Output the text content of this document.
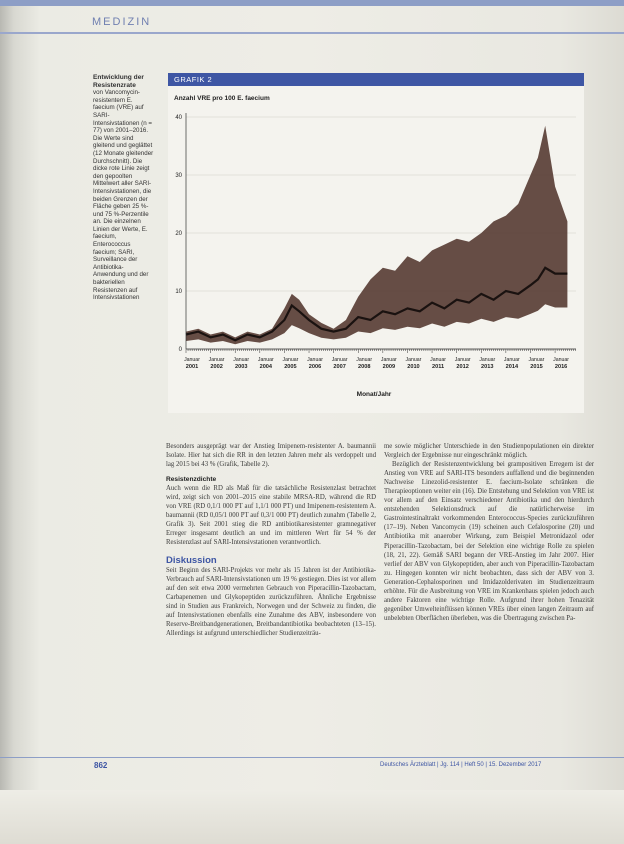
MEDIZIN
Entwicklung der Resistenzrate
von Vancomycin-resistentem E. faecium (VRE) auf SARI-Intensivstationen (n = 77) von 2001–2016. Die Werte sind gleitend und geglättet (12 Monate gleitender Durchschnitt). Die dicke rote Linie zeigt den gepoolten Mittelwert aller SARI-Intensivstationen, die beiden Grenzen der Fläche geben 25 %- und 75 %-Perzentile an. Die einzelnen Linien der Werte, E. faecium, Enterococcus faecium; SARI, Surveillance der Antibiotika-Anwendung und der bakteriellen Resistenzen auf Intensivstationen
GRAFIK 2
Anzahl VRE pro 100 E. faecium
0
10
20
30
40
Januar
2001
Januar
2002
Januar
2003
Januar
2004
Januar
2005
Januar
2006
Januar
2007
Januar
2008
Januar
2009
Januar
2010
Januar
2011
Januar
2012
Januar
2013
Januar
2014
Januar
2015
Januar
2016
Monat/Jahr

Besonders ausgeprägt war der Anstieg Imipenem-resistenter A. baumannii Isolate. Hier hat sich die RR in den letzten Jahren mehr als verdoppelt und lag 2015 bei 43 % (Grafik, Tabelle 2).

Resistenzdichte

Auch wenn die RD als Maß für die tatsächliche Resistenzlast betrachtet wird, zeigt sich von 2001–2015 eine stabile MRSA-RD, während die RD von VRE (RD 0,1/1 000 PT auf 1,1/1 000 PT) und Imipenem-resistentem A. baumannii (RD 0,05/1 000 PT auf 0,3/1 000 PT) deutlich zunahm (Tabelle 2, Grafik 3). Seit 2001 stieg die RD antibiotikaresistenter gramnegativer Erreger insgesamt deutlich an und im mittleren Wert für 54 % der Resistenzlast auf SARI-Intensivstationen verantwortlich.

Diskussion

Seit Beginn des SARI-Projekts vor mehr als 15 Jahren ist der Antibiotika-Verbrauch auf SARI-Intensivstationen um 19 % gestiegen. Dies ist vor allem auf den seit etwa 2000 vermehrten Gebrauch von Piperacillin-Tazobactam, Carbapenemen und Glykopeptiden zurückzuführen. Ähnliche Ergebnisse sind in Studien aus Frankreich, Norwegen und der Schweiz zu finden, die auf Intensivstationen ebenfalls eine Zunahme des ABV, insbesondere von Reserve-Breitbandgenerationen, Breitbandantibiotika beobachteten (13–15). Allerdings ist aufgrund unterschiedlicher Studienzeiträu-

me sowie möglicher Unterschiede in den Studienpopulationen ein direkter Vergleich der Ergebnisse nur eingeschränkt möglich.

Bezüglich der Resistenzentwicklung bei grampositiven Erregern ist der Anstieg von VRE auf SARI-ITS besonders auffallend und die beginnenden Nachweise Linezolid-resistenter E. faecium-Isolate schränken die Therapieoptionen weiter ein (16). Die Entstehung und Selektion von VRE ist vor allem auf den Einsatz verschiedener Antibiotika und den hierdurch entstehenden Selektionsdruck auf die natürlicherweise im Gastrointestinaltrakt vorkommenden Enterococcus-Species zurückzuführen (17–19). Neben Vancomycin (19) scheinen auch Cefalosporine (20) und Antibiotika mit anaerober Wirkung, zum Beispiel Metronidazol oder Piperacillin-Tazobactam, bei der Selektion eine wichtige Rolle zu spielen (18, 21, 22). Gemäß SARI begann der VRE-Anstieg im Jahr 2007. Hier verlief der ABV von Glykopeptiden, aber auch von Piperacillin-Tazobactam zu. Hingegen konnten wir nicht beobachten, dass sich der ABV von 3. Generation-Cephalosporinen und Imidazolderivaten im Studienzeitraum erhöhte. Für die Ausbreitung von VRE im Krankenhaus spielen jedoch auch andere Faktoren eine wichtige Rolle. Aufgrund ihrer hohen Tenazität gegenüber Umwelteinflüssen können VREs über einen langen Zeitraum auf unbelebten Oberflächen überleben, was die Übertragung zwischen Pa-

862	Deutsches Ärzteblatt | Jg. 114 | Heft 50 | 15. Dezember 2017
